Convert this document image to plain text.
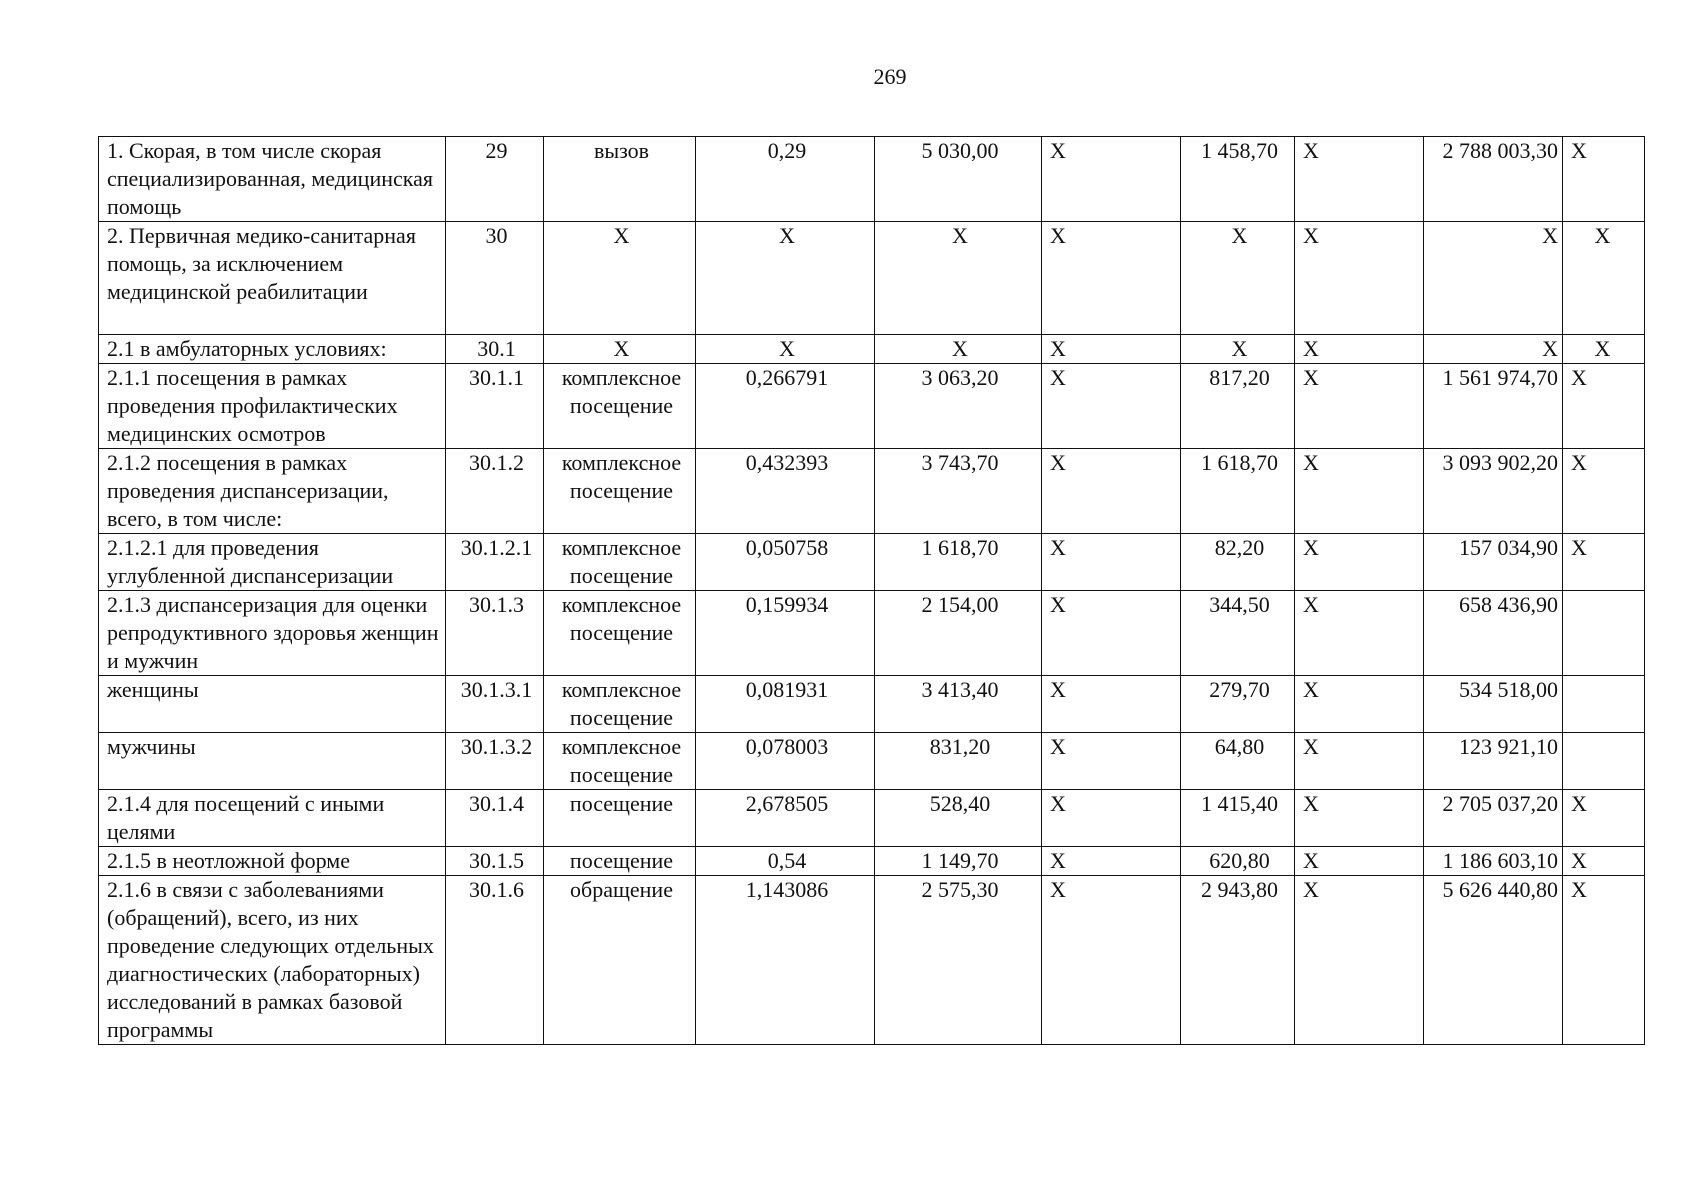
269
1. Скорая, в том числе скорая специализированная, медицинская помощь	29	вызов	0,29	5 030,00	Х	1 458,70	Х	2 788 003,30	Х
2. Первичная медико-санитарная помощь, за исключением медицинской реабилитации	30	Х	Х	Х	Х	Х	Х	Х	Х
2.1 в амбулаторных условиях:	30.1	Х	Х	Х	Х	Х	Х	Х	Х
2.1.1 посещения в рамках проведения профилактических медицинских осмотров	30.1.1	комплексное посещение	0,266791	3 063,20	Х	817,20	Х	1 561 974,70	Х
2.1.2 посещения в рамках проведения диспансеризации, всего, в том числе:	30.1.2	комплексное посещение	0,432393	3 743,70	Х	1 618,70	Х	3 093 902,20	Х
2.1.2.1 для проведения углубленной диспансеризации	30.1.2.1	комплексное посещение	0,050758	1 618,70	Х	82,20	Х	157 034,90	Х
2.1.3 диспансеризация для оценки репродуктивного здоровья женщин и мужчин	30.1.3	комплексное посещение	0,159934	2 154,00	Х	344,50	Х	658 436,90	
женщины	30.1.3.1	комплексное посещение	0,081931	3 413,40	Х	279,70	Х	534 518,00	
мужчины	30.1.3.2	комплексное посещение	0,078003	831,20	Х	64,80	Х	123 921,10	
2.1.4 для посещений с иными целями	30.1.4	посещение	2,678505	528,40	Х	1 415,40	Х	2 705 037,20	Х
2.1.5 в неотложной форме	30.1.5	посещение	0,54	1 149,70	Х	620,80	Х	1 186 603,10	Х
2.1.6 в связи с заболеваниями (обращений), всего, из них проведение следующих отдельных диагностических (лабораторных) исследований в рамках базовой программы	30.1.6	обращение	1,143086	2 575,30	Х	2 943,80	Х	5 626 440,80	Х
